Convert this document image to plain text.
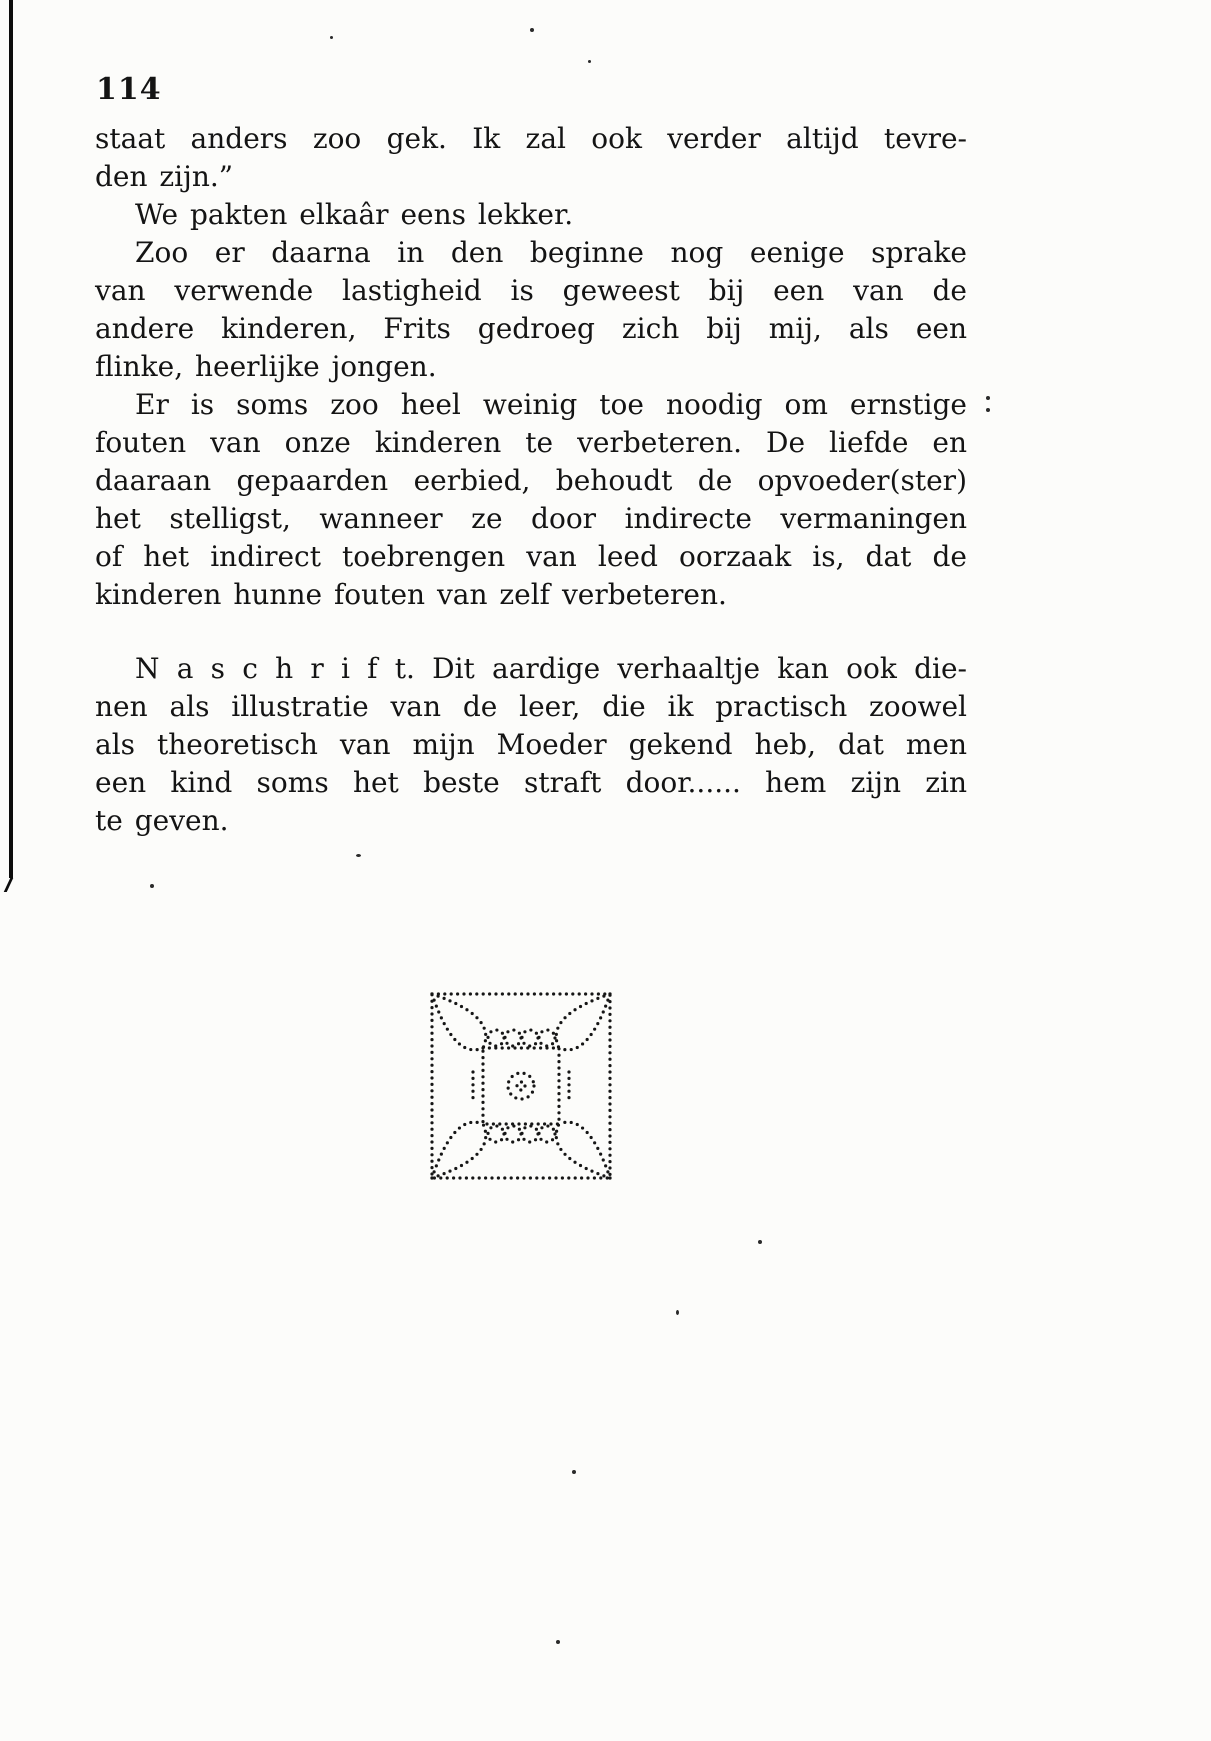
114
staat anders zoo gek. Ik zal ook verder altijd tevre-
den zijn.”
We pakten elkaâr eens lekker.
Zoo er daarna in den beginne nog eenige sprake
van verwende lastigheid is geweest bij een van de
andere kinderen, Frits gedroeg zich bij mij, als een
flinke, heerlijke jongen.
Er is soms zoo heel weinig toe noodig om ernstige
fouten van onze kinderen te verbeteren. De liefde en
daaraan gepaarden eerbied, behoudt de opvoeder(ster)
het stelligst, wanneer ze door indirecte vermaningen
of het indirect toebrengen van leed oorzaak is, dat de
kinderen hunne fouten van zelf verbeteren.
N a s c h r i f t. Dit aardige verhaaltje kan ook die-
nen als illustratie van de leer, die ik practisch zoowel
als theoretisch van mijn Moeder gekend heb, dat men
een kind soms het beste straft door...... hem zijn zin
te geven.
